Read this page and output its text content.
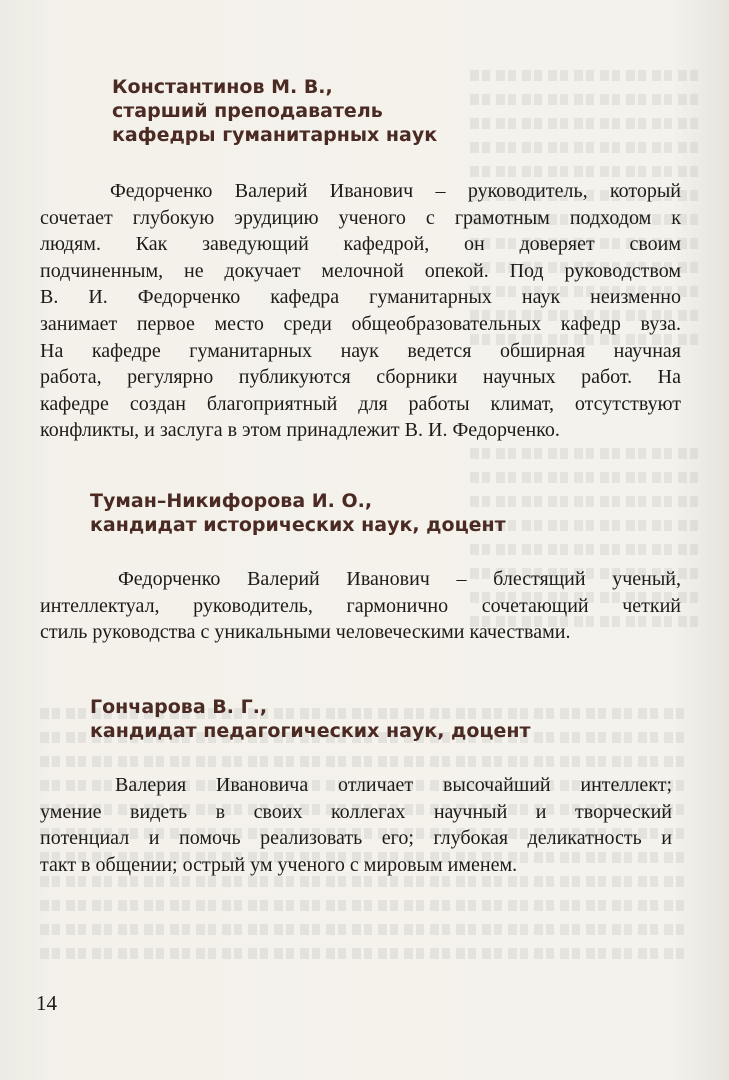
Константинов М. В.,
старший преподаватель
кафедры гуманитарных наук
Федорченко Валерий Иванович – руководитель, который
сочетает глубокую эрудицию ученого с грамотным подходом к
людям. Как заведующий кафедрой, он доверяет своим
подчиненным, не докучает мелочной опекой. Под руководством
В. И. Федорченко кафедра гуманитарных наук неизменно
занимает первое место среди общеобразовательных кафедр вуза.
На кафедре гуманитарных наук ведется обширная научная
работа, регулярно публикуются сборники научных работ. На
кафедре создан благоприятный для работы климат, отсутствуют
конфликты, и заслуга в этом принадлежит В. И. Федорченко.
Туман–Никифорова И. О.,
кандидат исторических наук, доцент
Федорченко Валерий Иванович – блестящий ученый,
интеллектуал, руководитель, гармонично сочетающий четкий
стиль руководства с уникальными человеческими качествами.
Гончарова В. Г.,
кандидат педагогических наук, доцент
Валерия Ивановича отличает высочайший интеллект;
умение видеть в своих коллегах научный и творческий
потенциал и помочь реализовать его; глубокая деликатность и
такт в общении; острый ум ученого с мировым именем.
14
